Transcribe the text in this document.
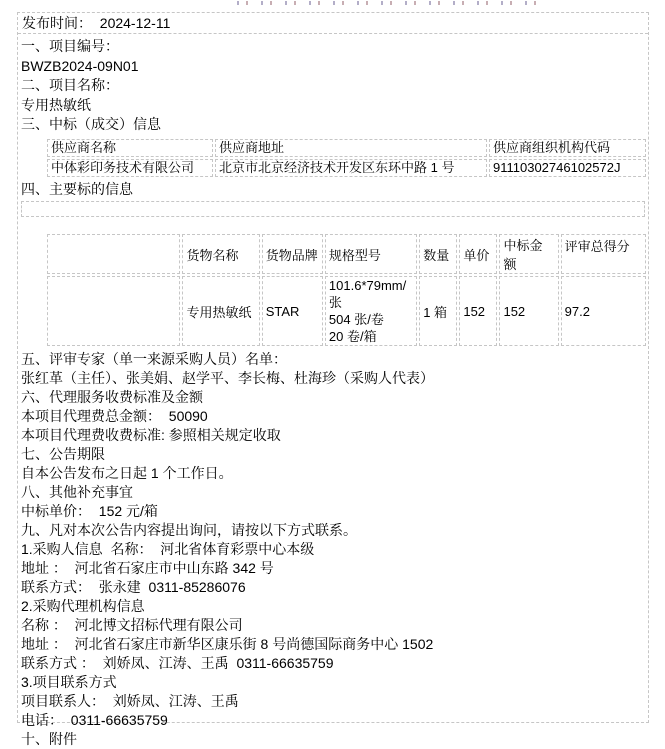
发布时间：  2024-12-11
一、项目编号：
BWZB2024-09N01
二、项目名称：
专用热敏纸
三、中标（成交）信息
供应商名称	供应商地址	供应商组织机构代码
中体彩印务技术有限公司	北京市北京经济技术开发区东环中路 1 号	91110302746102572J
四、主要标的信息
	货物名称	货物品牌	规格型号	数量	单价	中标金额	评审总得分
	专用热敏纸	STAR	101.6*79mm/张
504 张/卷
20 卷/箱	1 箱	152	152	97.2
五、评审专家（单一来源采购人员）名单：
张红革（主任）、张美娟、赵学平、李长梅、杜海珍（采购人代表）
六、代理服务收费标准及金额
本项目代理费总金额：  50090
本项目代理费收费标准: 参照相关规定收取
七、公告期限
自本公告发布之日起 1 个工作日。
八、其他补充事宜
中标单价：  152 元/箱
九、凡对本次公告内容提出询问，请按以下方式联系。
1.采购人信息  名称：  河北省体育彩票中心本级
地址 ：  河北省石家庄市中山东路 342 号
联系方式：  张永建  0311-85286076
2.采购代理机构信息
名称 ：  河北博文招标代理有限公司
地址 ：  河北省石家庄市新华区康乐街 8 号尚德国际商务中心 1502
联系方式 ：  刘娇凤、江涛、王禹  0311-66635759
3.项目联系方式
项目联系人：  刘娇凤、江涛、王禹
电话：  0311-66635759
十、附件
